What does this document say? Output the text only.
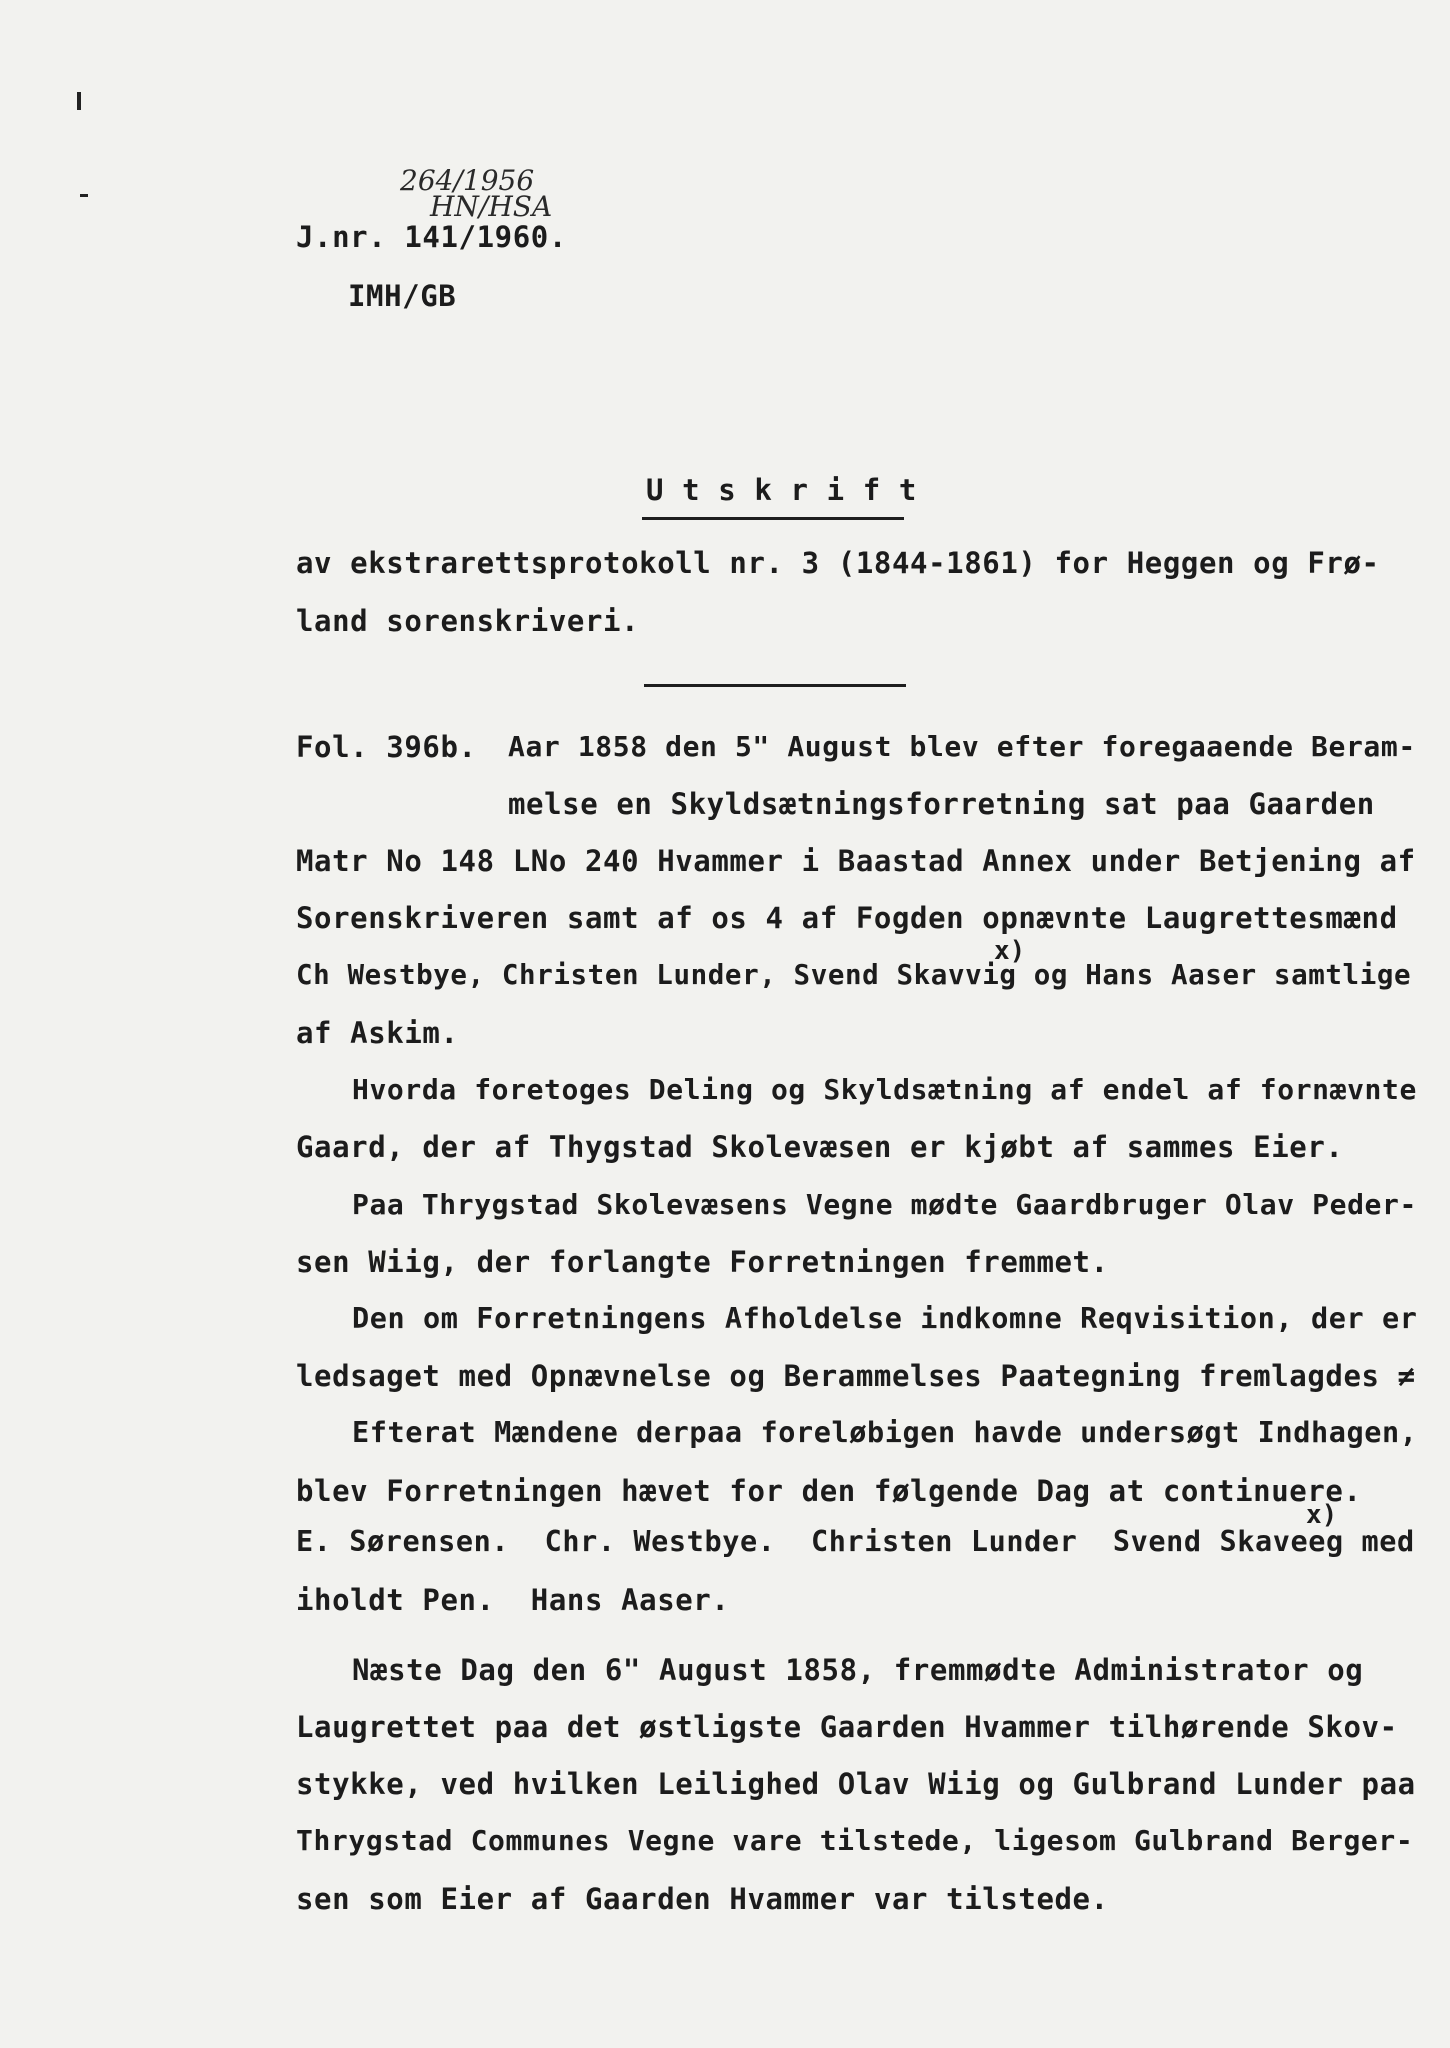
264/1956
HN/HSA
J.nr. 141/1960.
IMH/GB
U t s k r i f t
av ekstrarettsprotokoll nr. 3 (1844-1861) for Heggen og Frø-
land sorenskriveri.
Fol. 396b. Aar 1858 den 5" August blev efter foregaaende Beram-
melse en Skyldsætningsforretning sat paa Gaarden
Matr No 148 LNo 240 Hvammer i Baastad Annex under Betjening af
Sorenskriveren samt af os 4 af Fogden opnævnte Laugrettesmænd
x)
Ch Westbye, Christen Lunder, Svend Skavvig og Hans Aaser samtlige
af Askim.
Hvorda foretoges Deling og Skyldsætning af endel af fornævnte
Gaard, der af Thygstad Skolevæsen er kjøbt af sammes Eier.
Paa Thrygstad Skolevæsens Vegne mødte Gaardbruger Olav Peder-
sen Wiig, der forlangte Forretningen fremmet.
Den om Forretningens Afholdelse indkomne Reqvisition, der er
ledsaget med Opnævnelse og Berammelses Paategning fremlagdes ≠
Efterat Mændene derpaa foreløbigen havde undersøgt Indhagen,
blev Forretningen hævet for den følgende Dag at continuere.
x)
E. Sørensen.  Chr. Westbye.  Christen Lunder  Svend Skaveeg med
iholdt Pen.  Hans Aaser.
Næste Dag den 6" August 1858, fremmødte Administrator og
Laugrettet paa det østligste Gaarden Hvammer tilhørende Skov-
stykke, ved hvilken Leilighed Olav Wiig og Gulbrand Lunder paa
Thrygstad Communes Vegne vare tilstede, ligesom Gulbrand Berger-
sen som Eier af Gaarden Hvammer var tilstede.
